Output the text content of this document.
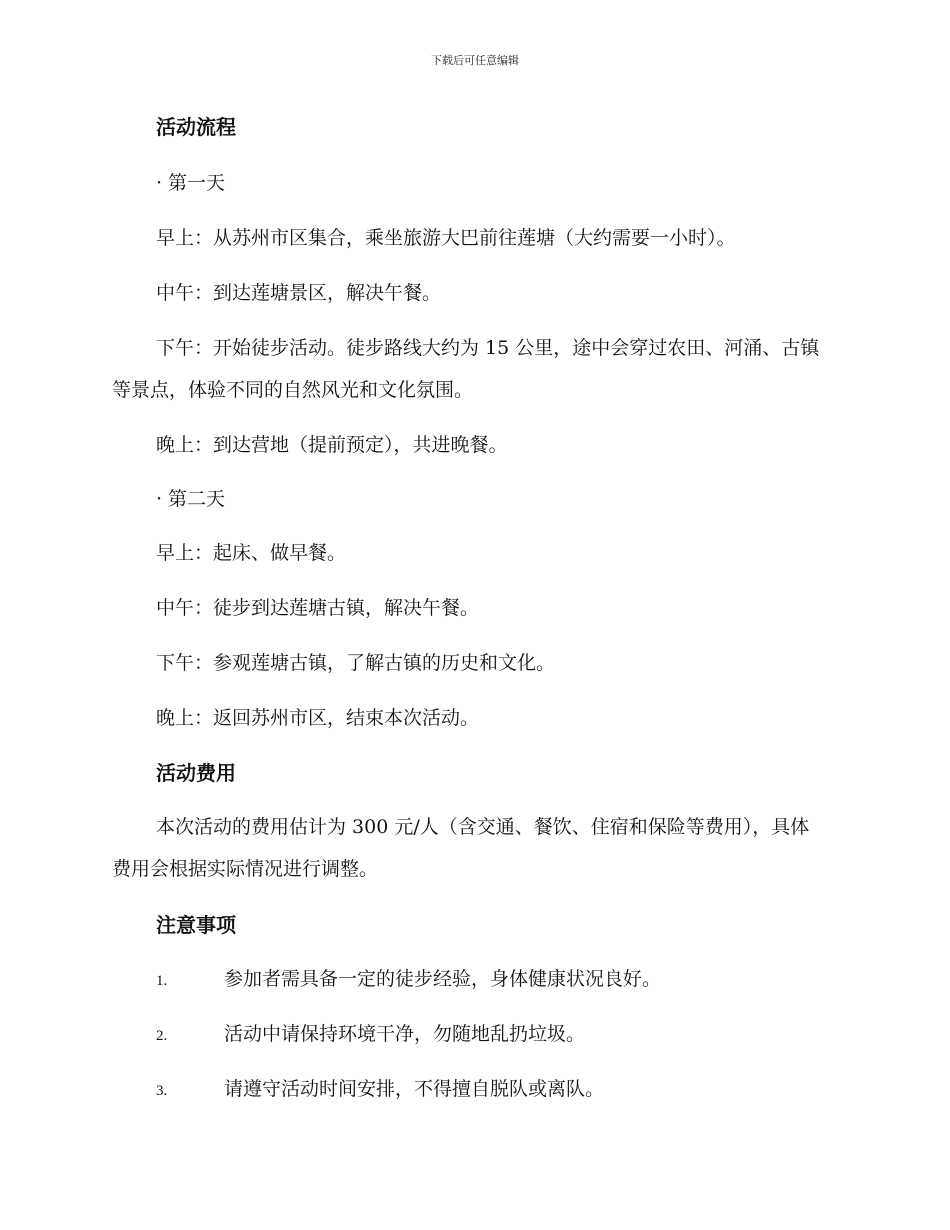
下载后可任意编辑
活动流程
· 第一天
早上：从苏州市区集合，乘坐旅游大巴前往莲塘（大约需要一小时）。
中午：到达莲塘景区，解决午餐。
下午：开始徒步活动。徒步路线大约为 15 公里，途中会穿过农田、河涌、古镇等景点，体验不同的自然风光和文化氛围。
晚上：到达营地（提前预定），共进晚餐。
· 第二天
早上：起床、做早餐。
中午：徒步到达莲塘古镇，解决午餐。
下午：参观莲塘古镇，了解古镇的历史和文化。
晚上：返回苏州市区，结束本次活动。
活动费用
本次活动的费用估计为 300 元/人（含交通、餐饮、住宿和保险等费用），具体费用会根据实际情况进行调整。
注意事项
1.	参加者需具备一定的徒步经验，身体健康状况良好。
2.	活动中请保持环境干净，勿随地乱扔垃圾。
3.	请遵守活动时间安排，不得擅自脱队或离队。
